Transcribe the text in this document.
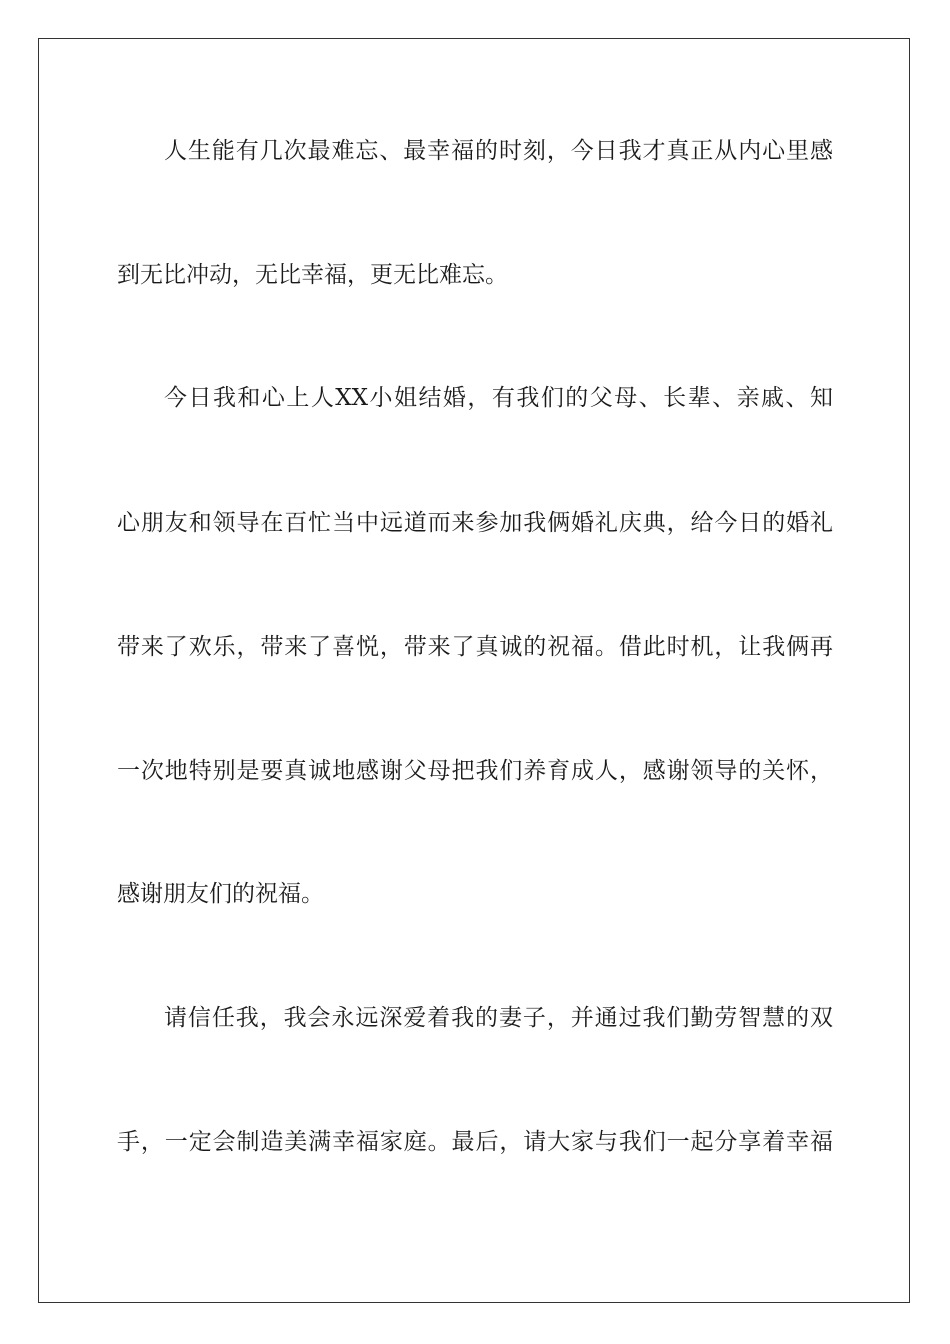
人生能有几次最难忘、最幸福的时刻，今日我才真正从内心里感
到无比冲动，无比幸福，更无比难忘。
今日我和心上人XX小姐结婚，有我们的父母、长辈、亲戚、知
心朋友和领导在百忙当中远道而来参加我俩婚礼庆典，给今日的婚礼
带来了欢乐，带来了喜悦，带来了真诚的祝福。借此时机，让我俩再
一次地特别是要真诚地感谢父母把我们养育成人，感谢领导的关怀，
感谢朋友们的祝福。
请信任我，我会永远深爱着我的妻子，并通过我们勤劳智慧的双
手，一定会制造美满幸福家庭。最后，请大家与我们一起分享着幸福
